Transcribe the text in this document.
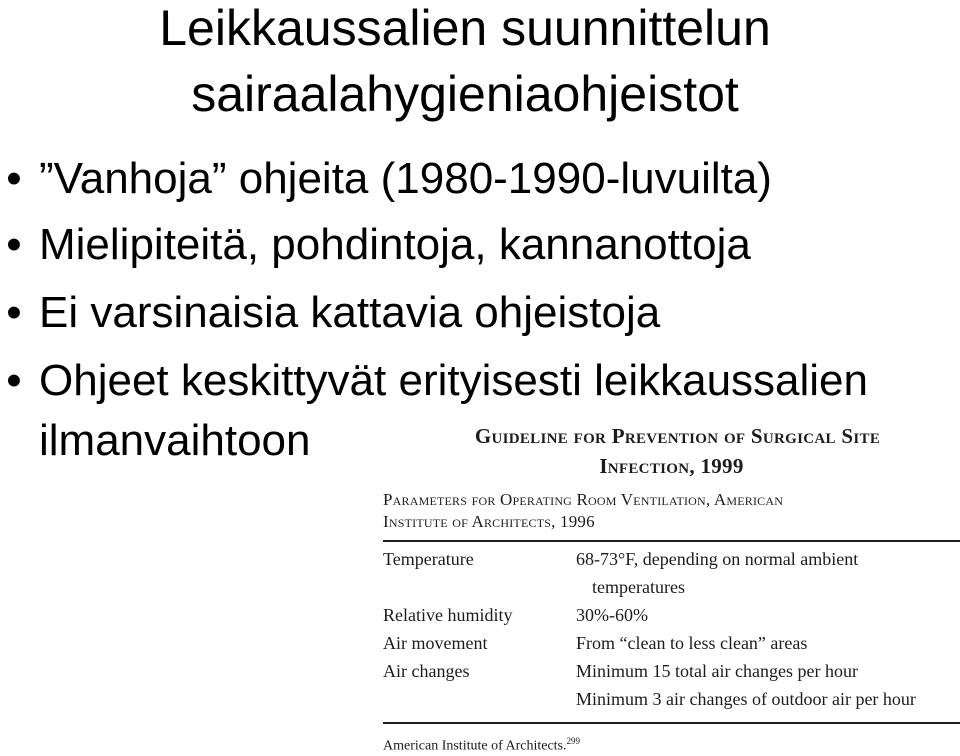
Leikkaussalien suunnittelun
sairaalahygieniaohjeistot
• ”Vanhoja” ohjeita (1980-1990-luvuilta)
• Mielipiteitä, pohdintoja, kannanottoja
• Ei varsinaisia kattavia ohjeistoja
• Ohjeet keskittyvät erityisesti leikkaussalien
ilmanvaihtoon	Guideline for Prevention of Surgical Site
Infection, 1999
Parameters for Operating Room Ventilation, American
Institute of Architects, 1996
Temperature	68-73°F, depending on normal ambient
temperatures
Relative humidity	30%-60%
Air movement	From “clean to less clean” areas
Air changes	Minimum 15 total air changes per hour
Minimum 3 air changes of outdoor air per hour
American Institute of Architects.$^{299}$
